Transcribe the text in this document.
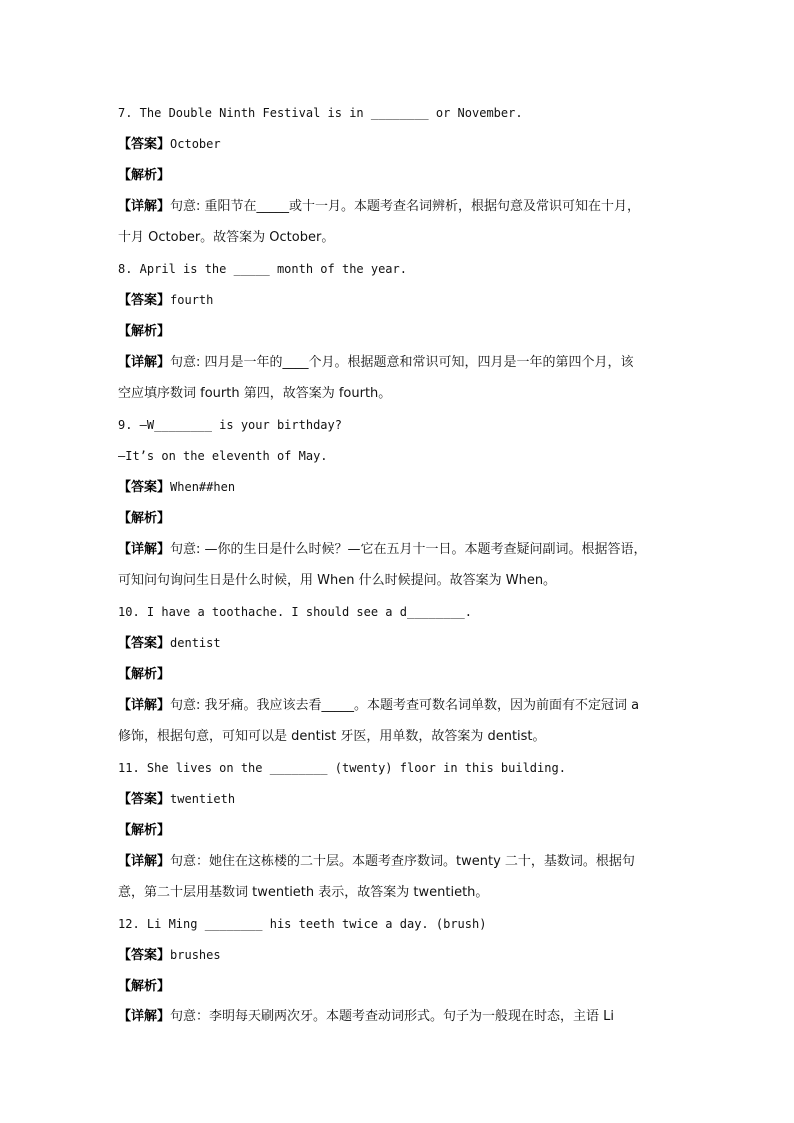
7. The Double Ninth Festival is in ________ or November.
【答案】October
【解析】
【详解】句意: 重阳节在_____或十一月。本题考查名词辨析，根据句意及常识可知在十月，
十月 October。故答案为 October。
8. April is the _____ month of the year.
【答案】fourth
【解析】
【详解】句意: 四月是一年的____个月。根据题意和常识可知，四月是一年的第四个月，该
空应填序数词 fourth 第四，故答案为 fourth。
9. —W________ is your birthday?
—It’s on the eleventh of May.
【答案】When##hen
【解析】
【详解】句意: —你的生日是什么时候？—它在五月十一日。本题考查疑问副词。根据答语，
可知问句询问生日是什么时候，用 When 什么时候提问。故答案为 When。
10. I have a toothache. I should see a d________.
【答案】dentist
【解析】
【详解】句意: 我牙痛。我应该去看_____。本题考查可数名词单数，因为前面有不定冠词 a
修饰，根据句意，可知可以是 dentist 牙医，用单数，故答案为 dentist。
11. She lives on the ________ (twenty) floor in this building.
【答案】twentieth
【解析】
【详解】句意：她住在这栋楼的二十层。本题考查序数词。twenty 二十，基数词。根据句
意，第二十层用基数词 twentieth 表示，故答案为 twentieth。
12. Li Ming ________ his teeth twice a day. (brush)
【答案】brushes
【解析】
【详解】句意：李明每天刷两次牙。本题考查动词形式。句子为一般现在时态，主语 Li
